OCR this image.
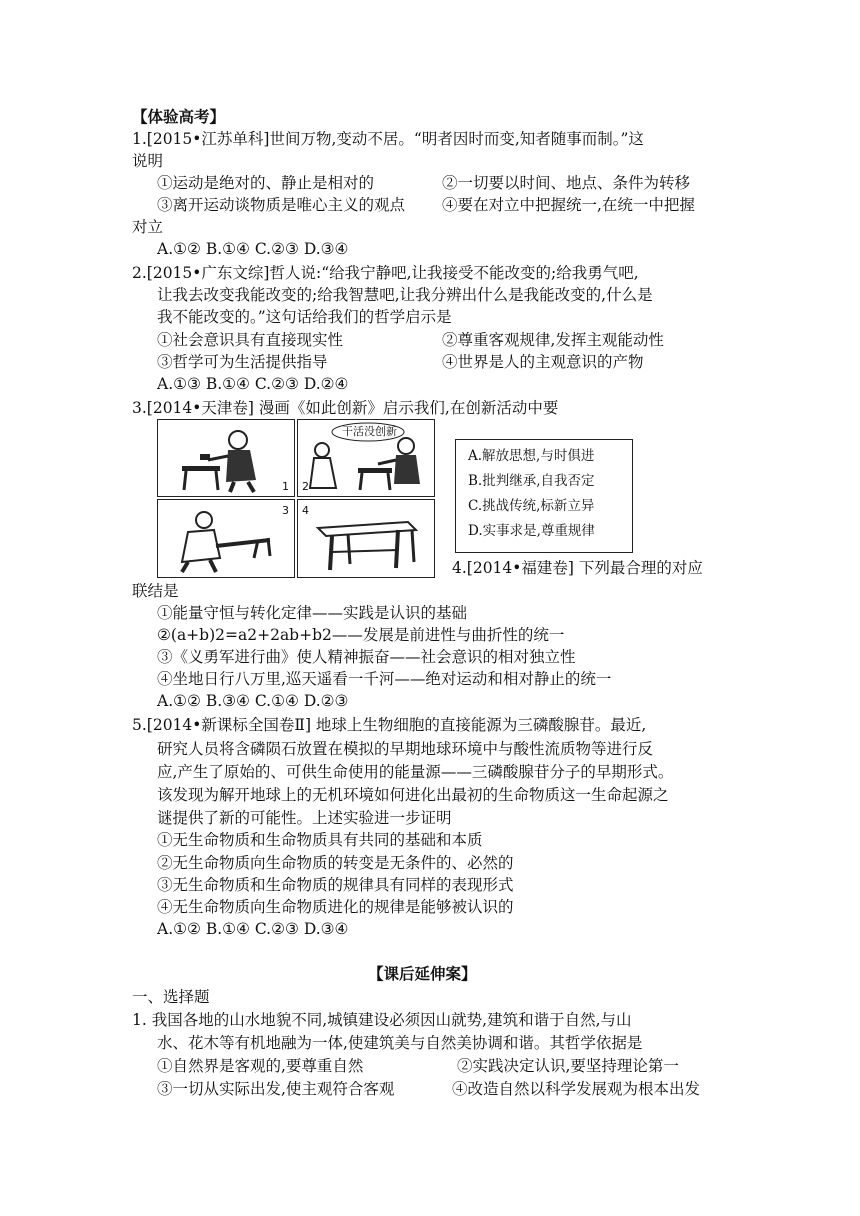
【体验高考】
1.[2015•江苏单科]世间万物,变动不居。“明者因时而变,知者随事而制。”这
说明
①运动是绝对的、静止是相对的	②一切要以时间、地点、条件为转移
③离开运动谈物质是唯心主义的观点 ④要在对立中把握统一,在统一中把握
对立
A.①② B.①④ C.②③ D.③④
2.[2015•广东文综]哲人说:“给我宁静吧,让我接受不能改变的;给我勇气吧,
让我去改变我能改变的;给我智慧吧,让我分辨出什么是我能改变的,什么是
我不能改变的。”这句话给我们的哲学启示是
①社会意识具有直接现实性	②尊重客观规律,发挥主观能动性
③哲学可为生活提供指导	④世界是人的主观意识的产物
A.①③ B.①④ C.②③ D.②④
3.[2014•天津卷] 漫画《如此创新》启示我们,在创新活动中要
1
干活没创新
2
3 4
A.解放思想,与时俱进
B.批判继承,自我否定
C.挑战传统,标新立异
D.实事求是,尊重规律
4.[2014•福建卷] 下列最合理的对应
联结是
①能量守恒与转化定律——实践是认识的基础
②(a+b)2=a2+2ab+b2——发展是前进性与曲折性的统一
③《义勇军进行曲》使人精神振奋——社会意识的相对独立性
④坐地日行八万里,巡天遥看一千河——绝对运动和相对静止的统一
A.①② B.③④ C.①④ D.②③
5.[2014•新课标全国卷Ⅱ] 地球上生物细胞的直接能源为三磷酸腺苷。最近,
研究人员将含磷陨石放置在模拟的早期地球环境中与酸性流质物等进行反
应,产生了原始的、可供生命使用的能量源——三磷酸腺苷分子的早期形式。
该发现为解开地球上的无机环境如何进化出最初的生命物质这一生命起源之
谜提供了新的可能性。上述实验进一步证明
①无生命物质和生命物质具有共同的基础和本质
②无生命物质向生命物质的转变是无条件的、必然的
③无生命物质和生命物质的规律具有同样的表现形式
④无生命物质向生命物质进化的规律是能够被认识的
A.①② B.①④ C.②③ D.③④
【课后延伸案】
一、选择题
1. 我国各地的山水地貌不同,城镇建设必须因山就势,建筑和谐于自然,与山
水、花木等有机地融为一体,使建筑美与自然美协调和谐。其哲学依据是
①自然界是客观的,要尊重自然	②实践决定认识,要坚持理论第一
③一切从实际出发,使主观符合客观	④改造自然以科学发展观为根本出发
